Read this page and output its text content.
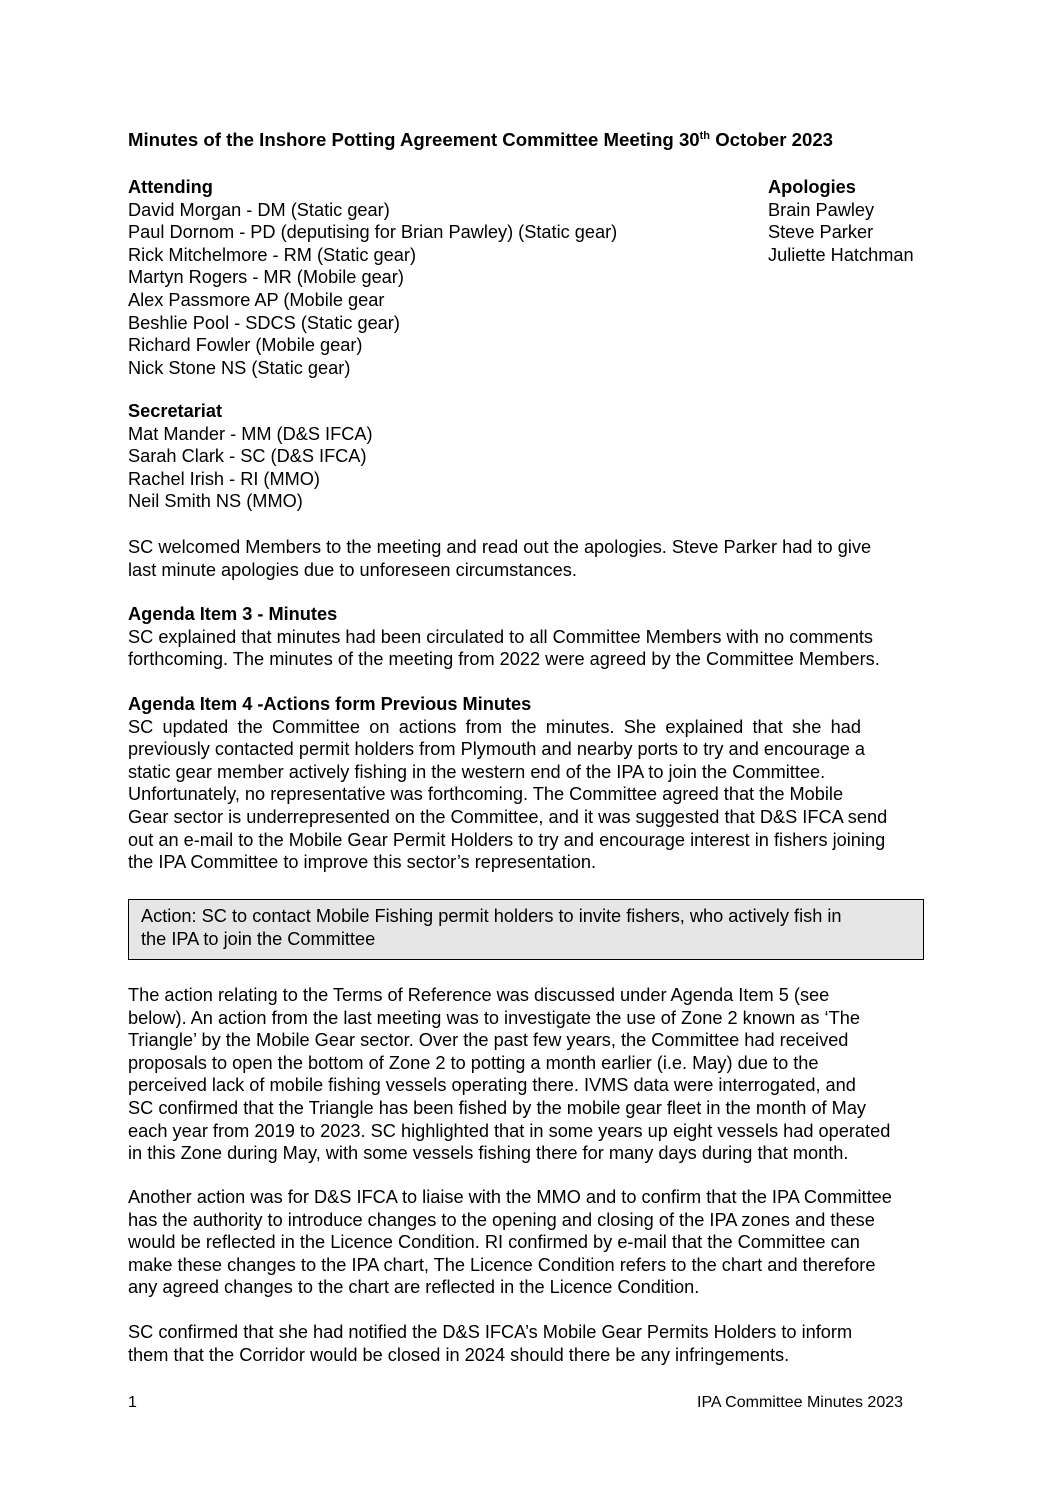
Minutes of the Inshore Potting Agreement Committee Meeting 30th October 2023
Attending
David Morgan - DM (Static gear)
Paul Dornom - PD (deputising for Brian Pawley) (Static gear)
Rick Mitchelmore - RM (Static gear)
Martyn Rogers - MR (Mobile gear)
Alex Passmore AP (Mobile gear
Beshlie Pool - SDCS (Static gear)
Richard Fowler (Mobile gear)
Nick Stone NS (Static gear)
Apologies
Brain Pawley
Steve Parker
Juliette Hatchman
Secretariat
Mat Mander - MM (D&S IFCA)
Sarah Clark - SC (D&S IFCA)
Rachel Irish - RI (MMO)
Neil Smith NS (MMO)
SC welcomed Members to the meeting and read out the apologies. Steve Parker had to give
last minute apologies due to unforeseen circumstances.
Agenda Item 3 - Minutes
SC explained that minutes had been circulated to all Committee Members with no comments
forthcoming. The minutes of the meeting from 2022 were agreed by the Committee Members.
Agenda Item 4 -Actions form Previous Minutes
SC updated the Committee on actions from the minutes. She explained that she had
previously contacted permit holders from Plymouth and nearby ports to try and encourage a
static gear member actively fishing in the western end of the IPA to join the Committee.
Unfortunately, no representative was forthcoming. The Committee agreed that the Mobile
Gear sector is underrepresented on the Committee, and it was suggested that D&S IFCA send
out an e-mail to the Mobile Gear Permit Holders to try and encourage interest in fishers joining
the IPA Committee to improve this sector’s representation.
Action: SC to contact Mobile Fishing permit holders to invite fishers, who actively fish in
the IPA to join the Committee
The action relating to the Terms of Reference was discussed under Agenda Item 5 (see
below). An action from the last meeting was to investigate the use of Zone 2 known as ‘The
Triangle’ by the Mobile Gear sector. Over the past few years, the Committee had received
proposals to open the bottom of Zone 2 to potting a month earlier (i.e. May) due to the
perceived lack of mobile fishing vessels operating there. IVMS data were interrogated, and
SC confirmed that the Triangle has been fished by the mobile gear fleet in the month of May
each year from 2019 to 2023. SC highlighted that in some years up eight vessels had operated
in this Zone during May, with some vessels fishing there for many days during that month.
Another action was for D&S IFCA to liaise with the MMO and to confirm that the IPA Committee
has the authority to introduce changes to the opening and closing of the IPA zones and these
would be reflected in the Licence Condition. RI confirmed by e-mail that the Committee can
make these changes to the IPA chart, The Licence Condition refers to the chart and therefore
any agreed changes to the chart are reflected in the Licence Condition.
SC confirmed that she had notified the D&S IFCA’s Mobile Gear Permits Holders to inform
them that the Corridor would be closed in 2024 should there be any infringements.
1	IPA Committee Minutes 2023
